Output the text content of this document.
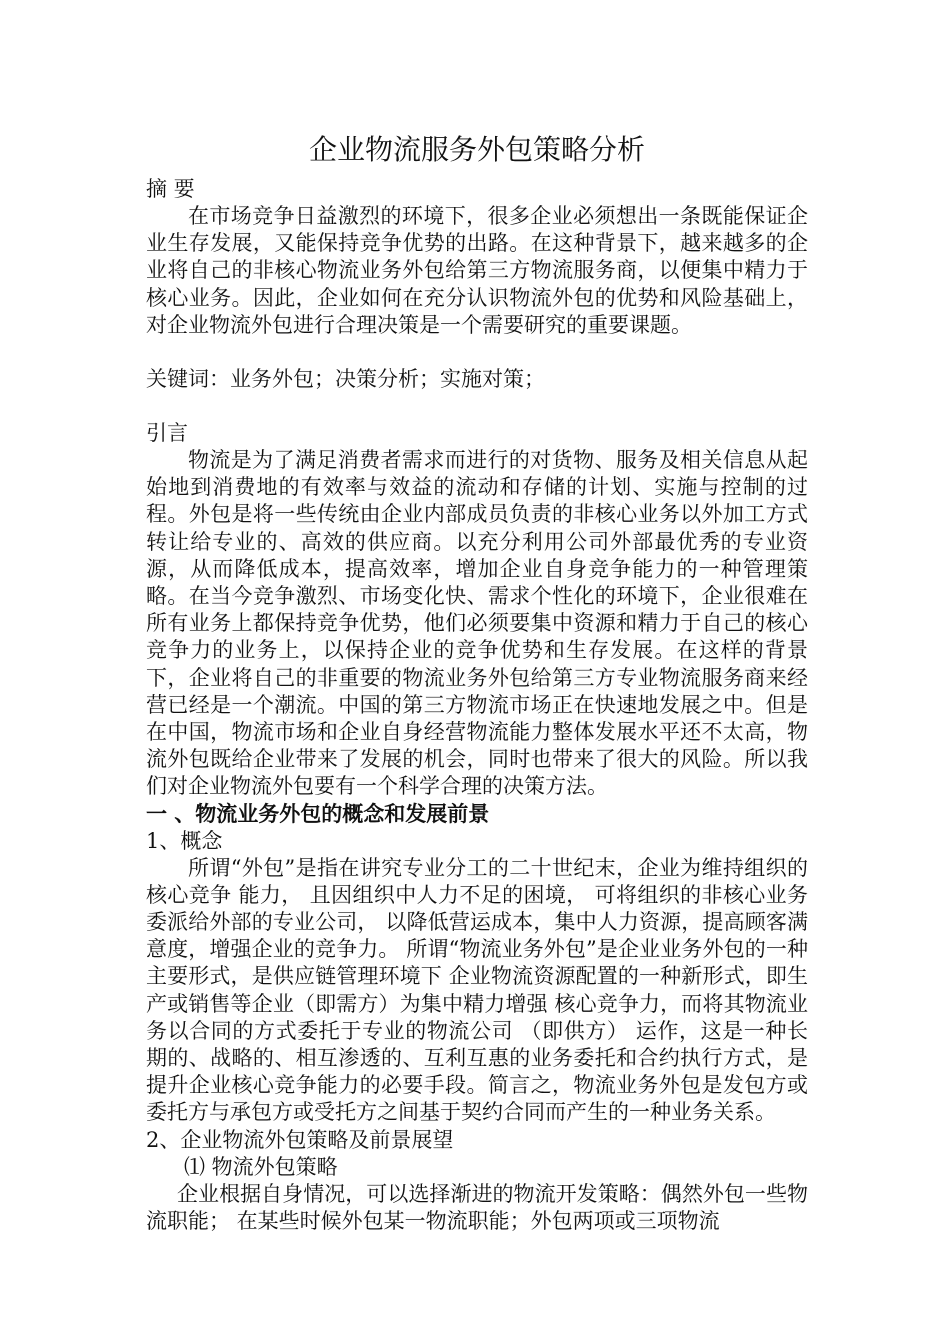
企业物流服务外包策略分析

摘 要

在市场竞争日益激烈的环境下，很多企业必须想出一条既能保证企业生存发展，又能保持竞争优势的出路。在这种背景下，越来越多的企业将自己的非核心物流业务外包给第三方物流服务商，以便集中精力于核心业务。因此，企业如何在充分认识物流外包的优势和风险基础上，对企业物流外包进行合理决策是一个需要研究的重要课题。

关键词：业务外包；决策分析；实施对策；

引言

物流是为了满足消费者需求而进行的对货物、服务及相关信息从起始地到消费地的有效率与效益的流动和存储的计划、实施与控制的过程。外包是将一些传统由企业内部成员负责的非核心业务以外加工方式转让给专业的、高效的供应商。以充分利用公司外部最优秀的专业资源，从而降低成本，提高效率，增加企业自身竞争能力的一种管理策略。在当今竞争激烈、市场变化快、需求个性化的环境下，企业很难在所有业务上都保持竞争优势，他们必须要集中资源和精力于自己的核心竞争力的业务上，以保持企业的竞争优势和生存发展。在这样的背景下，企业将自己的非重要的物流业务外包给第三方专业物流服务商来经营已经是一个潮流。中国的第三方物流市场正在快速地发展之中。但是在中国，物流市场和企业自身经营物流能力整体发展水平还不太高，物流外包既给企业带来了发展的机会，同时也带来了很大的风险。所以我们对企业物流外包要有一个科学合理的决策方法。

一 、物流业务外包的概念和发展前景

1、概念

所谓“外包”是指在讲究专业分工的二十世纪末，企业为维持组织的核心竞争 能力， 且因组织中人力不足的困境， 可将组织的非核心业务委派给外部的专业公司， 以降低营运成本，集中人力资源，提高顾客满意度，增强企业的竞争力。 所谓“物流业务外包”是企业业务外包的一种主要形式，是供应链管理环境下 企业物流资源配置的一种新形式，即生产或销售等企业（即需方）为集中精力增强 核心竞争力，而将其物流业务以合同的方式委托于专业的物流公司 （即供方） 运作，这是一种长期的、战略的、相互渗透的、互利互惠的业务委托和合约执行方式，是提升企业核心竞争能力的必要手段。简言之，物流业务外包是发包方或委托方与承包方或受托方之间基于契约合同而产生的一种业务关系。

2、企业物流外包策略及前景展望

⑴ 物流外包策略

企业根据自身情况，可以选择渐进的物流开发策略：偶然外包一些物流职能； 在某些时候外包某一物流职能；外包两项或三项物流
